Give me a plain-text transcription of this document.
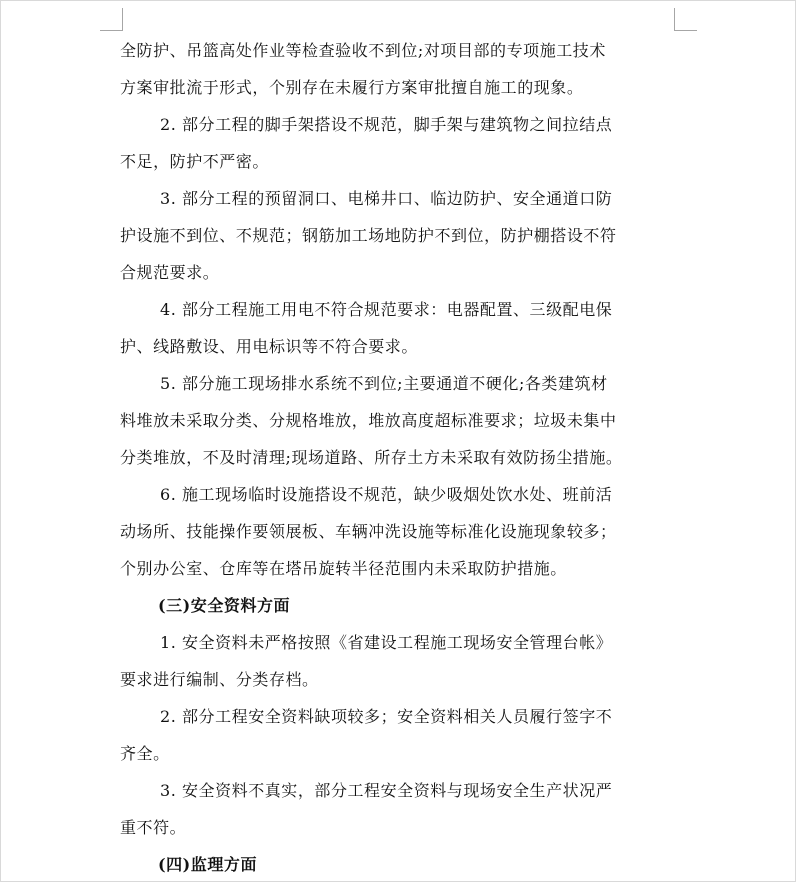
全防护、吊篮高处作业等检查验收不到位;对项目部的专项施工技术
方案审批流于形式，个别存在未履行方案审批擅自施工的现象。
2. 部分工程的脚手架搭设不规范，脚手架与建筑物之间拉结点
不足，防护不严密。
3. 部分工程的预留洞口、电梯井口、临边防护、安全通道口防
护设施不到位、不规范；钢筋加工场地防护不到位，防护棚搭设不符
合规范要求。
4. 部分工程施工用电不符合规范要求：电器配置、三级配电保
护、线路敷设、用电标识等不符合要求。
5. 部分施工现场排水系统不到位;主要通道不硬化;各类建筑材
料堆放未采取分类、分规格堆放，堆放高度超标准要求；垃圾未集中
分类堆放，不及时清理;现场道路、所存土方未采取有效防扬尘措施。
6. 施工现场临时设施搭设不规范，缺少吸烟处饮水处、班前活
动场所、技能操作要领展板、车辆冲洗设施等标准化设施现象较多；
个别办公室、仓库等在塔吊旋转半径范围内未采取防护措施。
(三)安全资料方面
1. 安全资料未严格按照《省建设工程施工现场安全管理台帐》
要求进行编制、分类存档。
2. 部分工程安全资料缺项较多；安全资料相关人员履行签字不
齐全。
3. 安全资料不真实，部分工程安全资料与现场安全生产状况严
重不符。
(四)监理方面
